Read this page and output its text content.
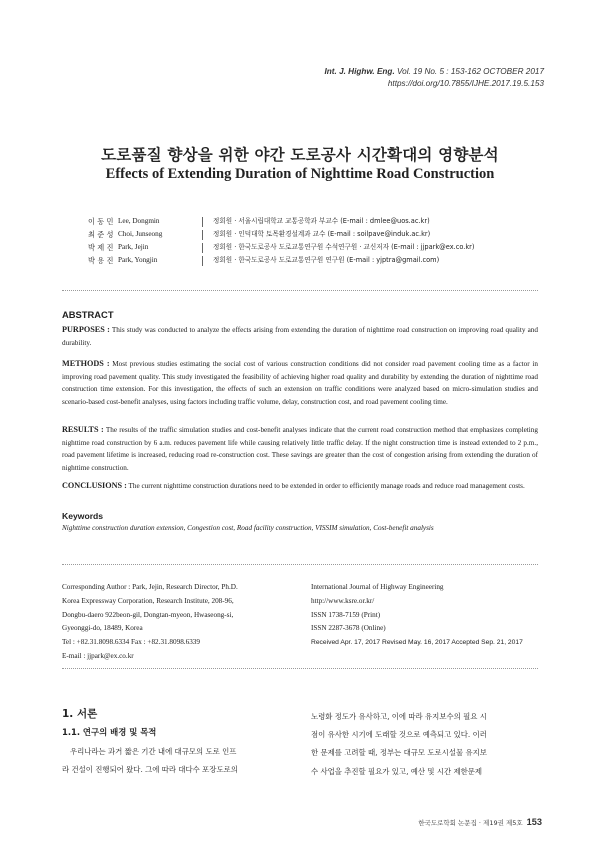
Int. J. Highw. Eng. Vol. 19 No. 5 : 153-162 OCTOBER 2017
https://doi.org/10.7855/IJHE.2017.19.5.153
도로품질 향상을 위한 야간 도로공사 시간확대의 영향분석
Effects of Extending Duration of Nighttime Road Construction
이 동 민 Lee, Dongmin	정회원 · 서울시립대학교 교통공학과 부교수 (E-mail : dmlee@uos.ac.kr)
최 준 성 Choi, Junseong	정회원 · 인덕대학 토목환경설계과 교수 (E-mail : soilpave@induk.ac.kr)
박 제 진 Park, Jejin	정회원 · 한국도로공사 도로교통연구원 수석연구원 · 교신저자 (E-mail : jjpark@ex.co.kr)
박 용 진 Park, Yongjin	정회원 · 한국도로공사 도로교통연구원 연구원 (E-mail : yjptra@gmail.com)
ABSTRACT
PURPOSES : This study was conducted to analyze the effects arising from extending the duration of nighttime road construction on improving road quality and durability.
METHODS : Most previous studies estimating the social cost of various construction conditions did not consider road pavement cooling time as a factor in improving road pavement quality. This study investigated the feasibility of achieving higher road quality and durability by extending the duration of nighttime road construction time extension. For this investigation, the effects of such an extension on traffic conditions were analyzed based on micro-simulation studies and scenario-based cost-benefit analyses, using factors including traffic volume, delay, construction cost, and road pavement cooling time.
RESULTS : The results of the traffic simulation studies and cost-benefit analyses indicate that the current road construction method that emphasizes completing nighttime road construction by 6 a.m. reduces pavement life while causing relatively little traffic delay. If the night construction time is instead extended to 2 p.m., road pavement lifetime is increased, reducing road re-construction cost. These savings are greater than the cost of congestion arising from extending the duration of nighttime construction.
CONCLUSIONS : The current nighttime construction durations need to be extended in order to efficiently manage roads and reduce road management costs.
Keywords
Nighttime construction duration extension, Congestion cost, Road facility construction, VISSIM simulation, Cost-benefit analysis
Corresponding Author : Park, Jejin, Research Director, Ph.D.
Korea Expressway Corporation, Research Institute, 208-96,
Dongbu-daero 922beon-gil, Dongtan-myeon, Hwaseong-si,
Gyeonggi-do, 18489, Korea
Tel : +82.31.8098.6334 Fax : +82.31.8098.6339
E-mail : jjpark@ex.co.kr
International Journal of Highway Engineering
http://www.ksre.or.kr/
ISSN 1738-7159 (Print)
ISSN 2287-3678 (Online)
Received Apr. 17, 2017 Revised May. 16, 2017 Accepted Sep. 21, 2017
1. 서론
1.1. 연구의 배경 및 목적
우리나라는 과거 짧은 기간 내에 대규모의 도로 인프
라 건설이 진행되어 왔다. 그에 따라 대다수 포장도로의
노령화 정도가 유사하고, 이에 따라 유지보수의 필요 시
점이 유사한 시기에 도래할 것으로 예측되고 있다. 이러
한 문제를 고려할 때, 정부는 대규모 도로시설물 유지보
수 사업을 추진할 필요가 있고, 예산 및 시간 제한문제
한국도로학회 논문집 · 제19권 제5호 153
